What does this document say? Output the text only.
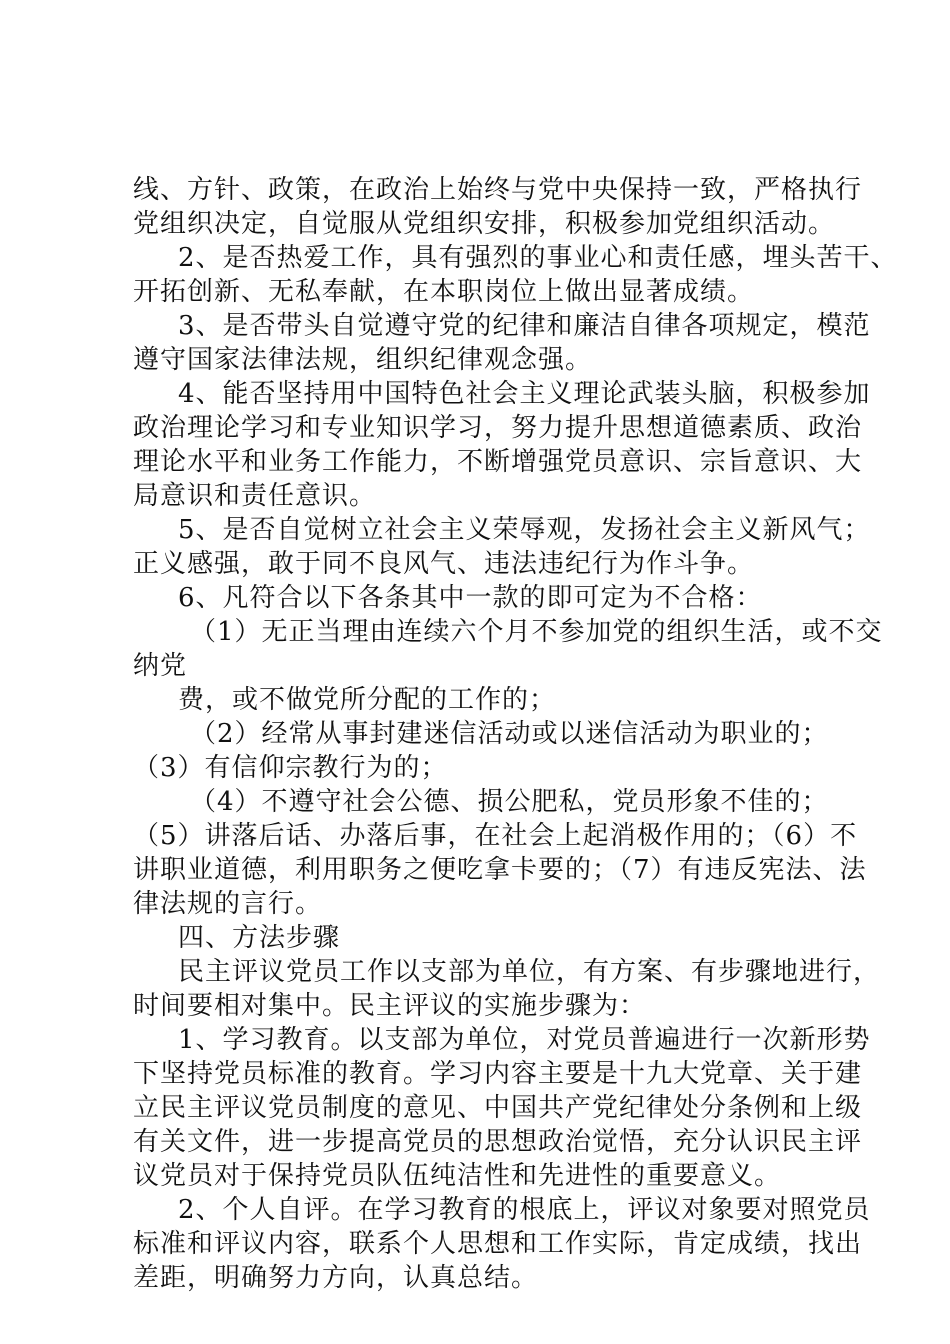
线、方针、政策，在政治上始终与党中央保持一致，严格执行
党组织决定，自觉服从党组织安排，积极参加党组织活动。
2、是否热爱工作，具有强烈的事业心和责任感，埋头苦干、
开拓创新、无私奉献，在本职岗位上做出显著成绩。
3、是否带头自觉遵守党的纪律和廉洁自律各项规定，模范
遵守国家法律法规，组织纪律观念强。
4、能否坚持用中国特色社会主义理论武装头脑，积极参加
政治理论学习和专业知识学习，努力提升思想道德素质、政治
理论水平和业务工作能力，不断增强党员意识、宗旨意识、大
局意识和责任意识。
5、是否自觉树立社会主义荣辱观，发扬社会主义新风气；
正义感强，敢于同不良风气、违法违纪行为作斗争。
6、凡符合以下各条其中一款的即可定为不合格：
（1）无正当理由连续六个月不参加党的组织生活，或不交
纳党
费，或不做党所分配的工作的；
（2）经常从事封建迷信活动或以迷信活动为职业的；
（3）有信仰宗教行为的；
（4）不遵守社会公德、损公肥私，党员形象不佳的；
（5）讲落后话、办落后事，在社会上起消极作用的；（6）不
讲职业道德，利用职务之便吃拿卡要的；（7）有违反宪法、法
律法规的言行。
四、方法步骤
民主评议党员工作以支部为单位，有方案、有步骤地进行，
时间要相对集中。民主评议的实施步骤为：
1、学习教育。以支部为单位，对党员普遍进行一次新形势
下坚持党员标准的教育。学习内容主要是十九大党章、关于建
立民主评议党员制度的意见、中国共产党纪律处分条例和上级
有关文件，进一步提高党员的思想政治觉悟，充分认识民主评
议党员对于保持党员队伍纯洁性和先进性的重要意义。
2、个人自评。在学习教育的根底上，评议对象要对照党员
标准和评议内容，联系个人思想和工作实际，肯定成绩，找出
差距，明确努力方向，认真总结。
